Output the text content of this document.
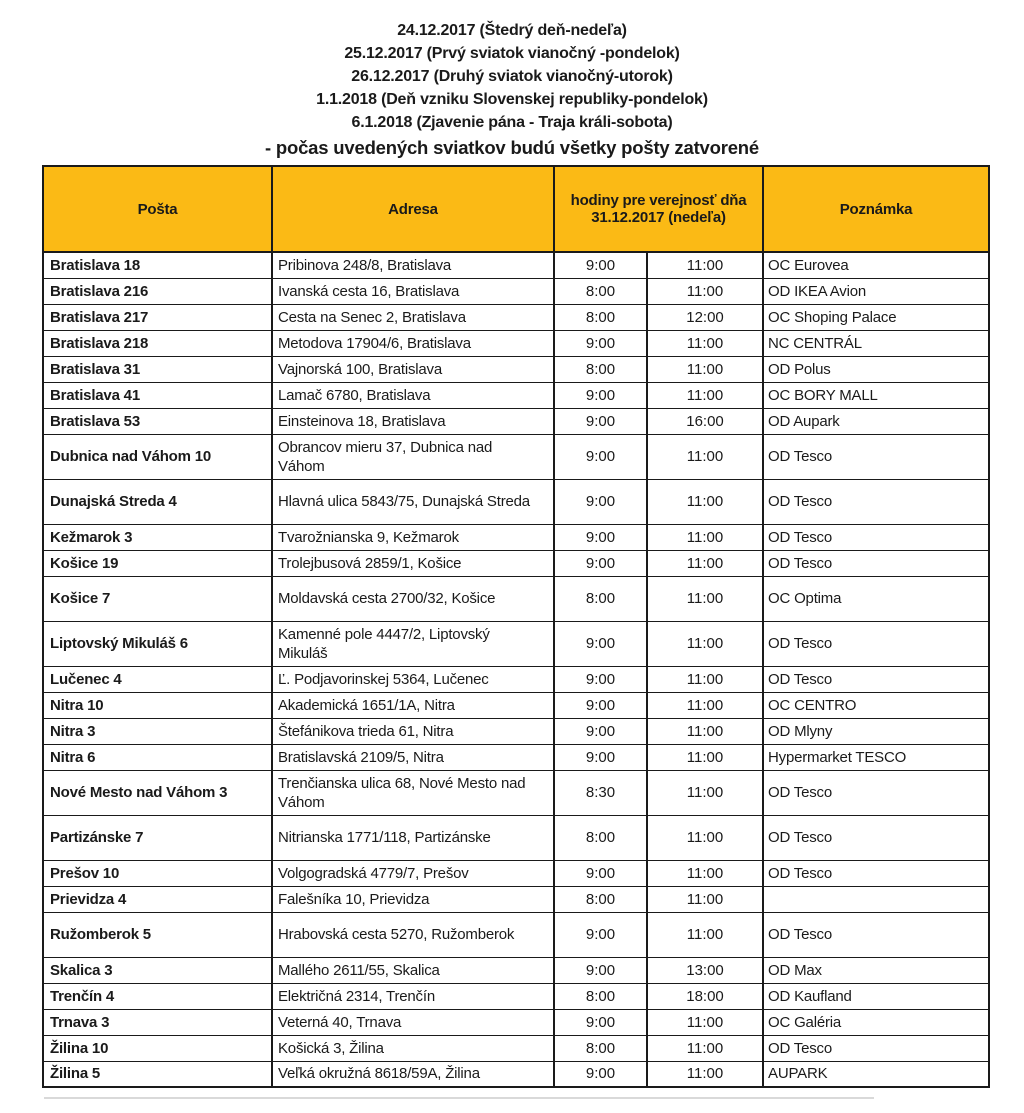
24.12.2017 (Štedrý deň-nedeľa)
25.12.2017 (Prvý sviatok vianočný -pondelok)
26.12.2017 (Druhý sviatok vianočný-utorok)
1.1.2018 (Deň vzniku Slovenskej republiky-pondelok)
6.1.2018 (Zjavenie pána - Traja králi-sobota)
- počas uvedených sviatkov budú všetky pošty zatvorené
Pošta	Adresa	hodiny pre verejnosť dňa 31.12.2017 (nedeľa)		Poznámka
Bratislava 18	Pribinova 248/8, Bratislava	9:00	11:00	OC Eurovea
Bratislava 216	Ivanská cesta 16, Bratislava	8:00	11:00	OD IKEA Avion
Bratislava 217	Cesta na Senec 2, Bratislava	8:00	12:00	OC Shoping Palace
Bratislava 218	Metodova 17904/6, Bratislava	9:00	11:00	NC CENTRÁL
Bratislava 31	Vajnorská 100, Bratislava	8:00	11:00	OD Polus
Bratislava 41	Lamač 6780, Bratislava	9:00	11:00	OC BORY MALL
Bratislava 53	Einsteinova 18, Bratislava	9:00	16:00	OD Aupark
Dubnica nad Váhom 10	Obrancov mieru 37, Dubnica nad Váhom	9:00	11:00	OD Tesco
Dunajská Streda 4	Hlavná ulica 5843/75, Dunajská Streda	9:00	11:00	OD Tesco
Kežmarok 3	Tvarožnianska 9, Kežmarok	9:00	11:00	OD Tesco
Košice 19	Trolejbusová 2859/1, Košice	9:00	11:00	OD Tesco
Košice 7	Moldavská cesta 2700/32, Košice	8:00	11:00	OC Optima
Liptovský Mikuláš 6	Kamenné pole 4447/2, Liptovský Mikuláš	9:00	11:00	OD Tesco
Lučenec 4	Ľ. Podjavorinskej 5364, Lučenec	9:00	11:00	OD Tesco
Nitra 10	Akademická 1651/1A, Nitra	9:00	11:00	OC CENTRO
Nitra 3	Štefánikova trieda 61, Nitra	9:00	11:00	OD Mlyny
Nitra 6	Bratislavská 2109/5, Nitra	9:00	11:00	Hypermarket TESCO
Nové Mesto nad Váhom 3	Trenčianska ulica 68, Nové Mesto nad Váhom	8:30	11:00	OD Tesco
Partizánske 7	Nitrianska 1771/118, Partizánske	8:00	11:00	OD Tesco
Prešov 10	Volgogradská 4779/7, Prešov	9:00	11:00	OD Tesco
Prievidza 4	Falešníka 10, Prievidza	8:00	11:00	
Ružomberok 5	Hrabovská cesta 5270, Ružomberok	9:00	11:00	OD Tesco
Skalica 3	Mallého 2611/55, Skalica	9:00	13:00	OD Max
Trenčín 4	Električná 2314, Trenčín	8:00	18:00	OD Kaufland
Trnava 3	Veterná 40, Trnava	9:00	11:00	OC Galéria
Žilina 10	Košická 3, Žilina	8:00	11:00	OD Tesco
Žilina 5	Veľká okružná 8618/59A, Žilina	9:00	11:00	AUPARK
